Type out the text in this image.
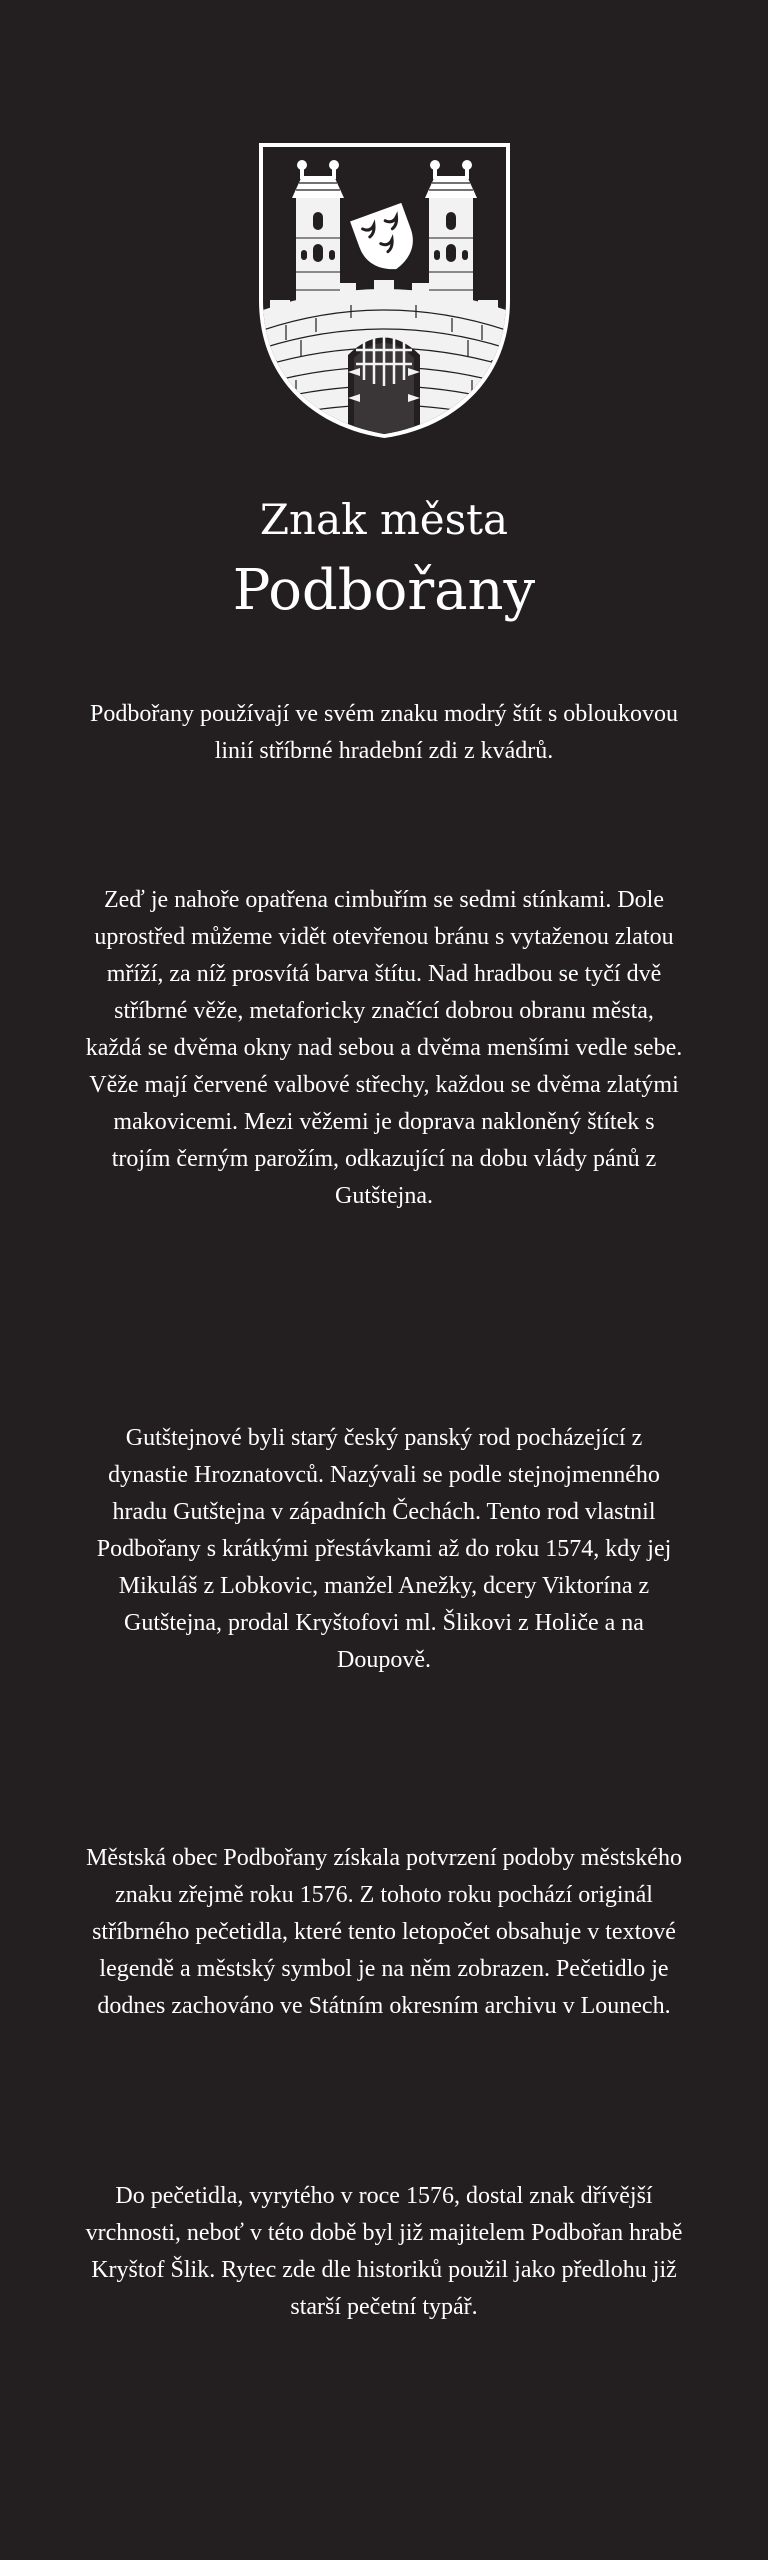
Znak města
Podbořany

Podbořany používají ve svém znaku modrý štít s obloukovou linií stříbrné hradební zdi z kvádrů.

Zeď je nahoře opatřena cimbuřím se sedmi stínkami. Dole uprostřed můžeme vidět otevřenou bránu s vytaženou zlatou mříží, za níž prosvítá barva štítu. Nad hradbou se tyčí dvě stříbrné věže, metaforicky značící dobrou obranu města, každá se dvěma okny nad sebou a dvěma menšími vedle sebe. Věže mají červené valbové střechy, každou se dvěma zlatými makovicemi. Mezi věžemi je doprava nakloněný štítek s trojím černým parožím, odkazující na dobu vlády pánů z Gutštejna.

Gutštejnové byli starý český panský rod pocházející z dynastie Hroznatovců. Nazývali se podle stejnojmenného hradu Gutštejna v západních Čechách. Tento rod vlastnil Podbořany s krátkými přestávkami až do roku 1574, kdy jej Mikuláš z Lobkovic, manžel Anežky, dcery Viktorína z Gutštejna, prodal Kryštofovi ml. Šlikovi z Holiče a na Doupově.

Městská obec Podbořany získala potvrzení podoby městského znaku zřejmě roku 1576. Z tohoto roku pochází originál stříbrného pečetidla, které tento letopočet obsahuje v textové legendě a městský symbol je na něm zobrazen. Pečetidlo je dodnes zachováno ve Státním okresním archivu v Lounech.

Do pečetidla, vyrytého v roce 1576, dostal znak dřívější vrchnosti, neboť v této době byl již majitelem Podbořan hrabě Kryštof Šlik. Rytec zde dle historiků použil jako předlohu již starší pečetní typář.
